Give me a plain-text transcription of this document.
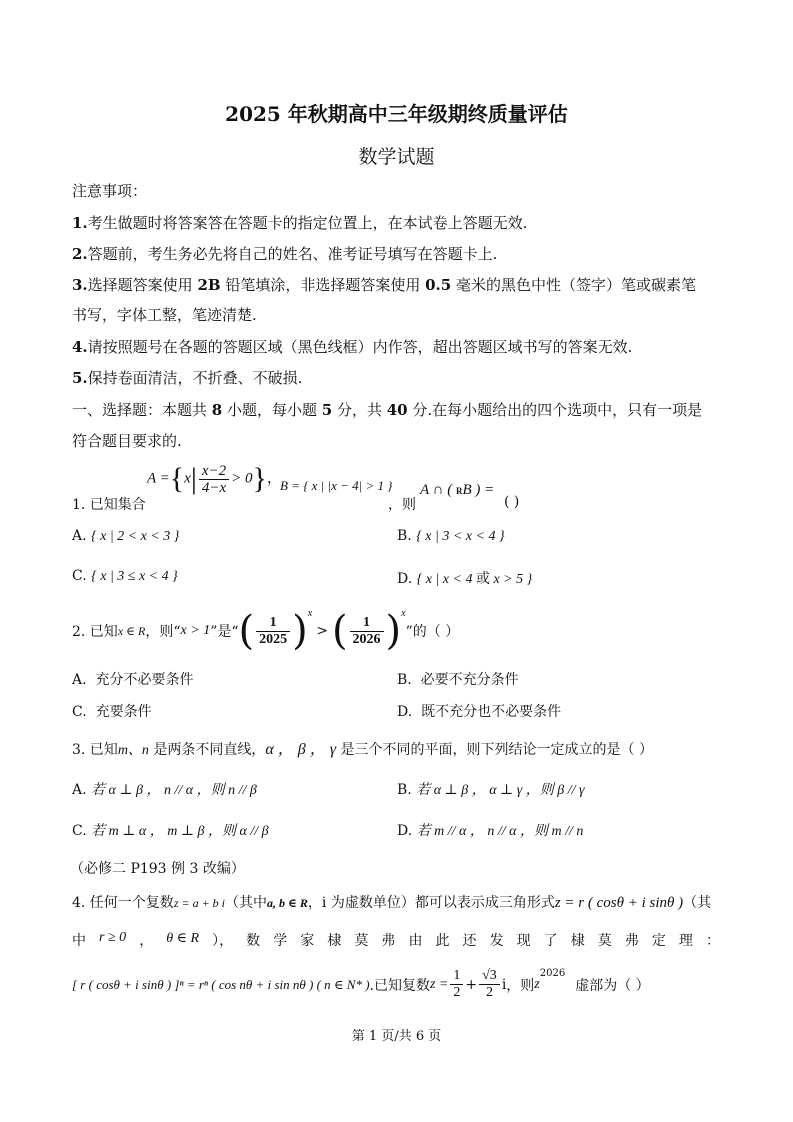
2025 年秋期高中三年级期终质量评估
数学试题
注意事项：
1.考生做题时将答案答在答题卡的指定位置上，在本试卷上答题无效.
2.答题前，考生务必先将自己的姓名、准考证号填写在答题卡上.
3.选择题答案使用 2B 铅笔填涂，非选择题答案使用 0.5 毫米的黑色中性（签字）笔或碳素笔
书写，字体工整，笔迹清楚.
4.请按照题号在各题的答题区域（黑色线框）内作答，超出答题区域书写的答案无效.
5.保持卷面清洁，不折叠、不破损.
一、选择题：本题共 8 小题，每小题 5 分，共 40 分.在每小题给出的四个选项中，只有一项是
符合题目要求的.
1. 已知集合
$A =\{x| \frac{x-2}{4-x} > 0\}$，
B = { x | |x − 4| > 1 }
，则
A ∩ ( RB ) =
( )
A. { x | 2 < x < 3 }	B. { x | 3 < x < 4 }
C. { x | 3 ≤ x < 4 }	D. { x | x < 4 或 x > 5 }
2. 已知 x ∈ R ，则“ x > 1 ”是“ ( $\frac{1}{2025}$ ) x
> ( $\frac{1}{2026}$ ) x
”的（ ）
A. 充分不必要条件	B. 必要不充分条件
C. 充要条件	D. 既不充分也不必要条件
3. 已知m、n 是两条不同直线，α ， β ， γ 是三个不同的平面，则下列结论一定成立的是（ ）
A. 若 α ⊥ β ， n // α ，则 n // β	B. 若 α ⊥ β ， α ⊥ γ ，则 β // γ
C. 若 m ⊥ α ， m ⊥ β ，则 α // β	D. 若 m // α ， n // α ，则 m // n
（必修二 P193 例 3 改编）
4. 任何一个复数z = a + b i（其中a, b ∈ R，i 为虚数单位）都可以表示成三角形式z = r ( cosθ + i sinθ )（其
中 r ≥ 0 ， θ ∈ R ）， 数 学 家 棣 莫 弗 由 此 还 发 现 了 棣 莫 弗 定 理 ：
[ r ( cosθ + i sinθ ) ]ⁿ = rⁿ ( cos nθ + i sin nθ ) ( n ∈ N* ) .已知复数 $z = \frac{1}{2} + \frac{√3}{2}$ i ，则 z
2026
虚部为（ ）
第 1 页/共 6 页
